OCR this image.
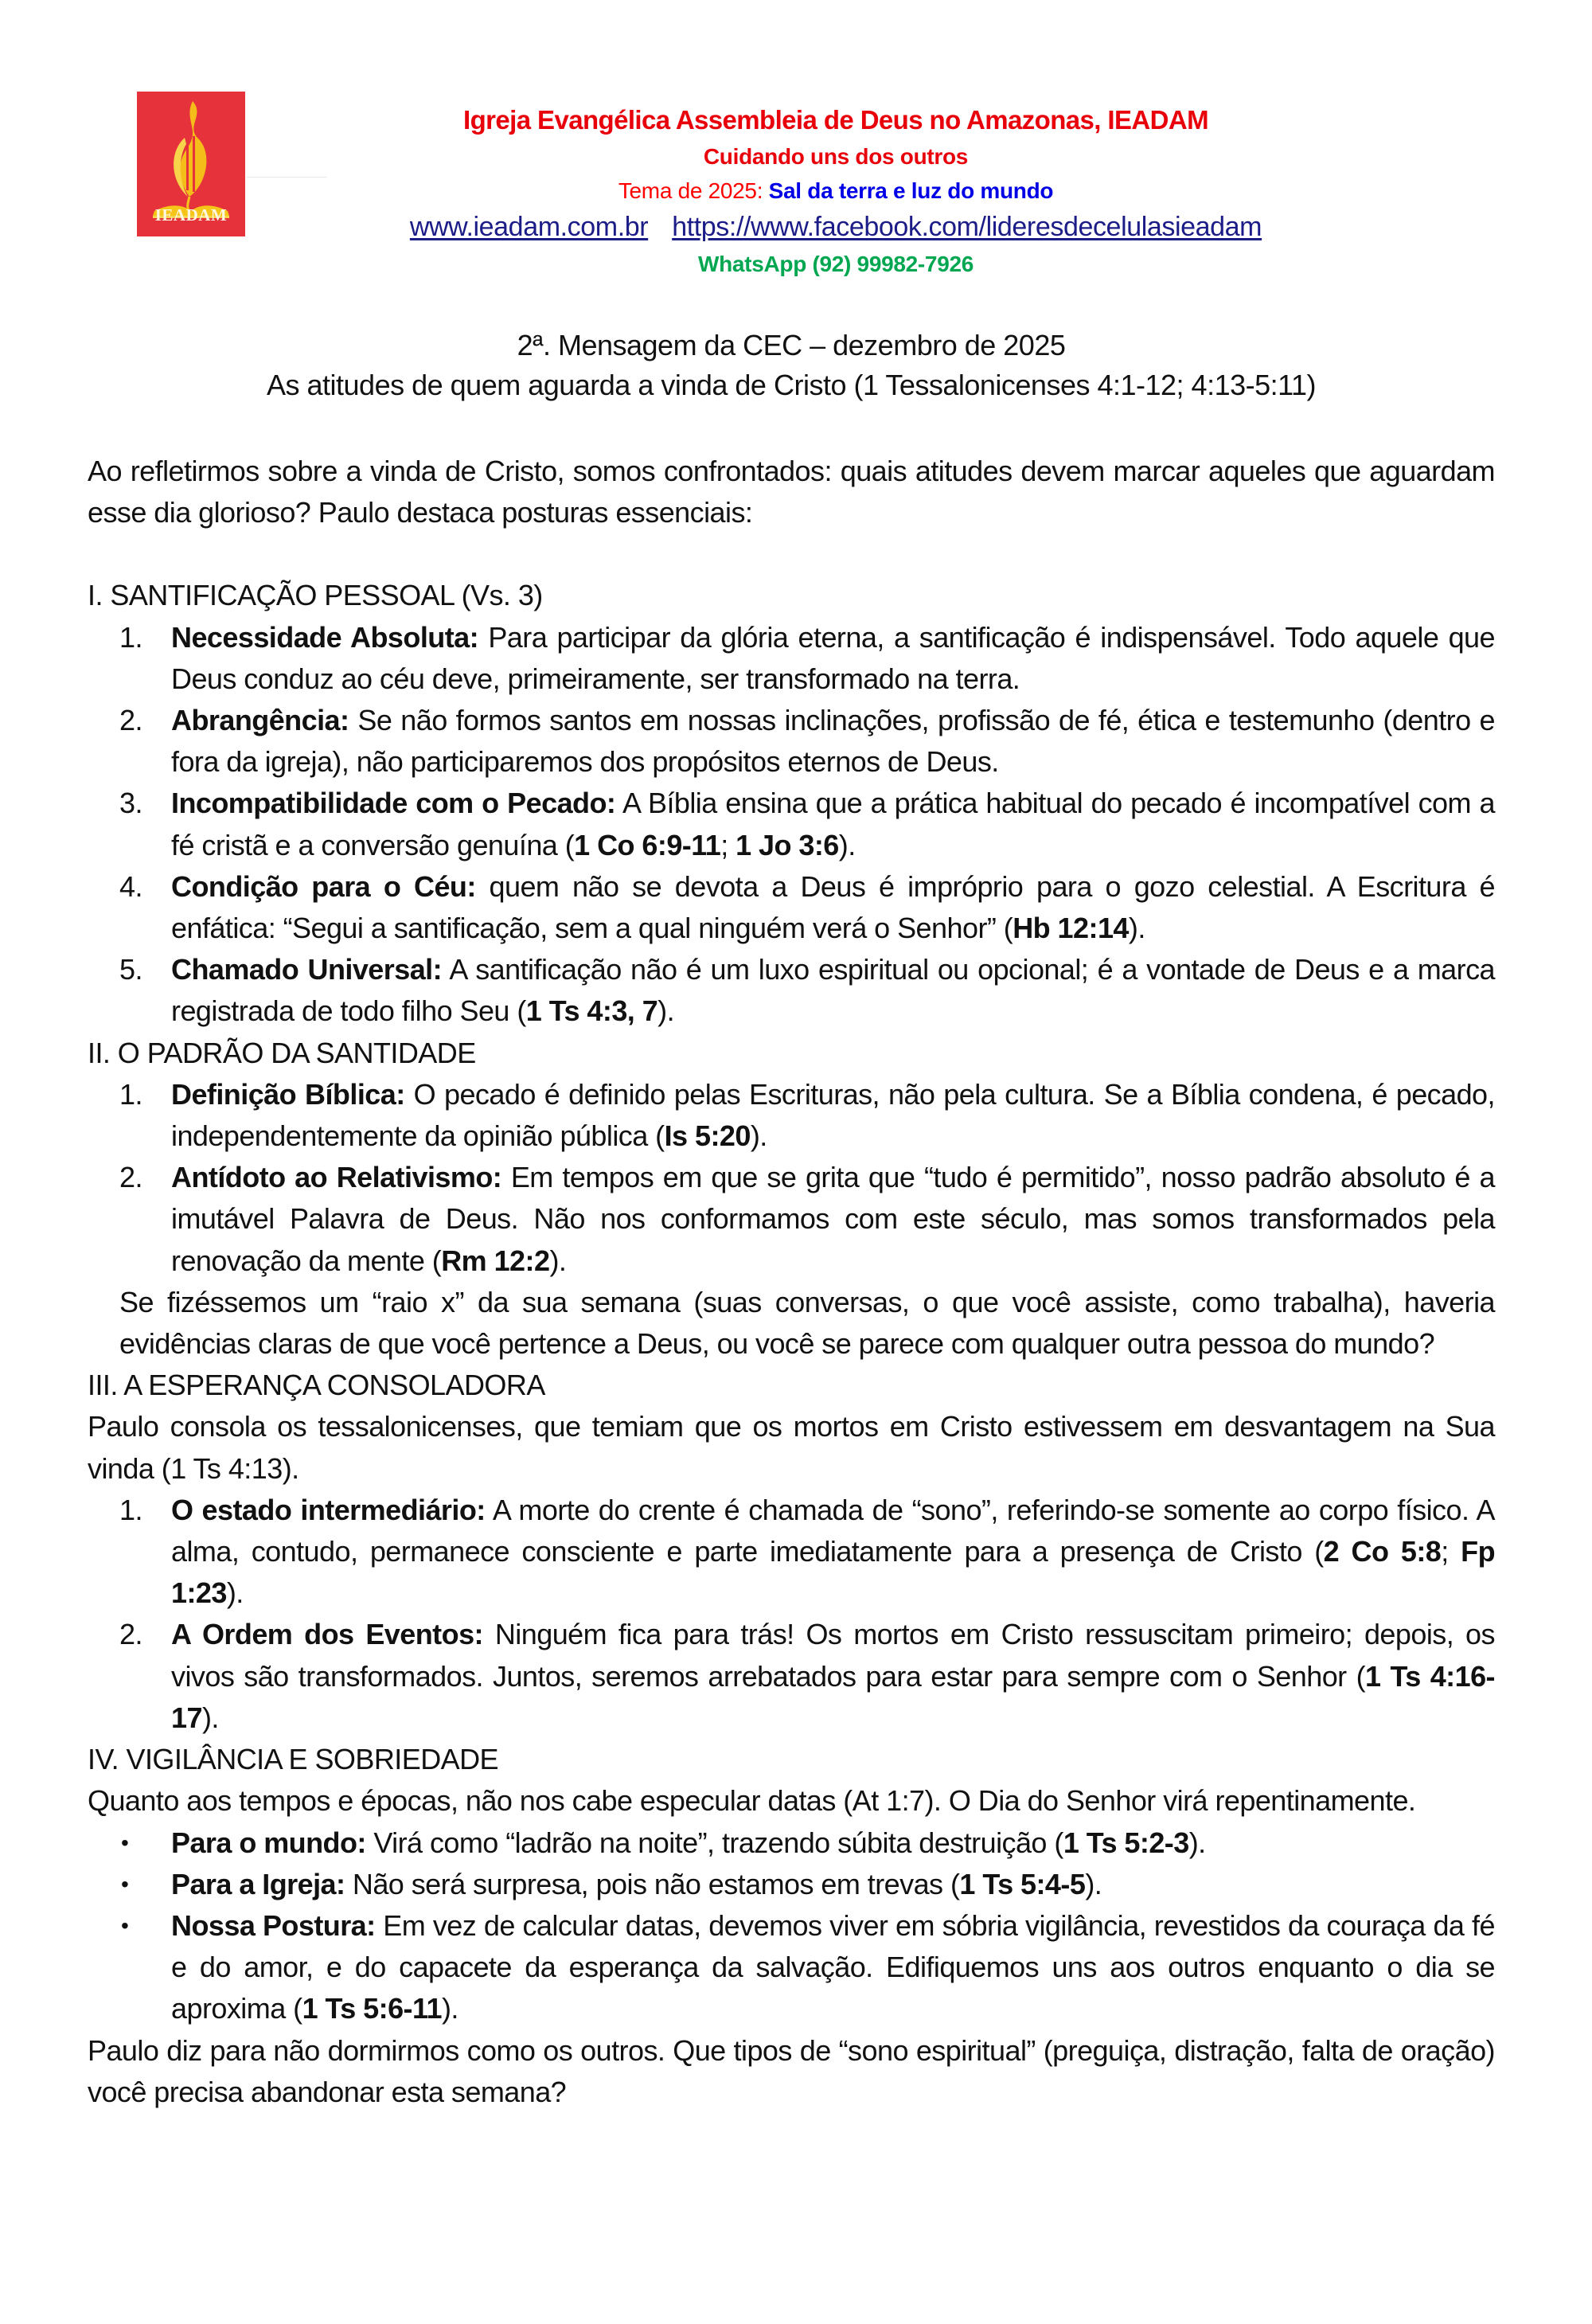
IEADAM
Igreja Evangélica Assembleia de Deus no Amazonas, IEADAM
Cuidando uns dos outros
Tema de 2025: Sal da terra e luz do mundo
www.ieadam.com.br https://www.facebook.com/lideresdecelulasieadam
WhatsApp (92) 99982-7926
2ª. Mensagem da CEC – dezembro de 2025
As atitudes de quem aguarda a vinda de Cristo (1 Tessalonicenses 4:1-12; 4:13-5:11)

Ao refletirmos sobre a vinda de Cristo, somos confrontados: quais atitudes devem marcar aqueles que aguardam esse dia glorioso? Paulo destaca posturas essenciais:

I. SANTIFICAÇÃO PESSOAL (Vs. 3)
1. Necessidade Absoluta: Para participar da glória eterna, a santificação é indispensável. Todo aquele que Deus conduz ao céu deve, primeiramente, ser transformado na terra.
2. Abrangência: Se não formos santos em nossas inclinações, profissão de fé, ética e testemunho (dentro e fora da igreja), não participaremos dos propósitos eternos de Deus.
3. Incompatibilidade com o Pecado: A Bíblia ensina que a prática habitual do pecado é incompatível com a fé cristã e a conversão genuína (1 Co 6:9-11; 1 Jo 3:6).
4. Condição para o Céu: quem não se devota a Deus é impróprio para o gozo celestial. A Escritura é enfática: “Segui a santificação, sem a qual ninguém verá o Senhor” (Hb 12:14).
5. Chamado Universal: A santificação não é um luxo espiritual ou opcional; é a vontade de Deus e a marca registrada de todo filho Seu (1 Ts 4:3, 7).
II. O PADRÃO DA SANTIDADE
1. Definição Bíblica: O pecado é definido pelas Escrituras, não pela cultura. Se a Bíblia condena, é pecado, independentemente da opinião pública (Is 5:20).
2. Antídoto ao Relativismo: Em tempos em que se grita que “tudo é permitido”, nosso padrão absoluto é a imutável Palavra de Deus. Não nos conformamos com este século, mas somos transformados pela renovação da mente (Rm 12:2).

Se fizéssemos um “raio x” da sua semana (suas conversas, o que você assiste, como trabalha), haveria evidências claras de que você pertence a Deus, ou você se parece com qualquer outra pessoa do mundo?

III. A ESPERANÇA CONSOLADORA

Paulo consola os tessalonicenses, que temiam que os mortos em Cristo estivessem em desvantagem na Sua vinda (1 Ts 4:13).

1. O estado intermediário: A morte do crente é chamada de “sono”, referindo-se somente ao corpo físico. A alma, contudo, permanece consciente e parte imediatamente para a presença de Cristo (2 Co 5:8; Fp 1:23).
2. A Ordem dos Eventos: Ninguém fica para trás! Os mortos em Cristo ressuscitam primeiro; depois, os vivos são transformados. Juntos, seremos arrebatados para estar para sempre com o Senhor (1 Ts 4:16-17).
IV. VIGILÂNCIA E SOBRIEDADE

Quanto aos tempos e épocas, não nos cabe especular datas (At 1:7). O Dia do Senhor virá repentinamente.

• Para o mundo: Virá como “ladrão na noite”, trazendo súbita destruição (1 Ts 5:2-3).
• Para a Igreja: Não será surpresa, pois não estamos em trevas (1 Ts 5:4-5).
• Nossa Postura: Em vez de calcular datas, devemos viver em sóbria vigilância, revestidos da couraça da fé e do amor, e do capacete da esperança da salvação. Edifiquemos uns aos outros enquanto o dia se aproxima (1 Ts 5:6-11).

Paulo diz para não dormirmos como os outros. Que tipos de “sono espiritual” (preguiça, distração, falta de oração) você precisa abandonar esta semana?
